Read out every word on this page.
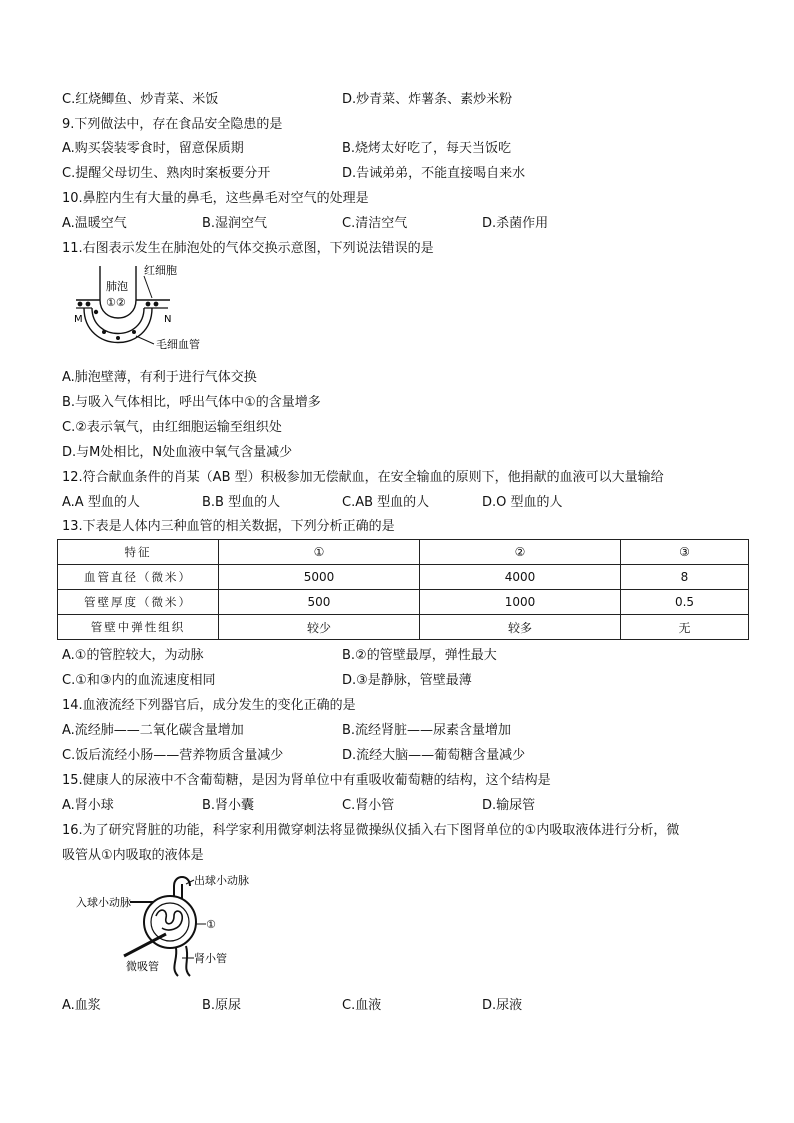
C.红烧鲫鱼、炒青菜、米饭	D.炒青菜、炸薯条、素炒米粉
9.下列做法中，存在食品安全隐患的是
A.购买袋装零食时，留意保质期	B.烧烤太好吃了，每天当饭吃
C.提醒父母切生、熟肉时案板要分开	D.告诫弟弟，不能直接喝自来水
10.鼻腔内生有大量的鼻毛，这些鼻毛对空气的处理是
A.温暖空气	B.湿润空气	C.清洁空气	D.杀菌作用
11.右图表示发生在肺泡处的气体交换示意图，下列说法错误的是
红细胞
肺泡
①②
M	N
毛细血管
A.肺泡壁薄，有利于进行气体交换
B.与吸入气体相比，呼出气体中①的含量增多
C.②表示氧气，由红细胞运输至组织处
D.与M处相比，N处血液中氧气含量减少
12.符合献血条件的肖某（AB 型）积极参加无偿献血，在安全输血的原则下，他捐献的血液可以大量输给
A.A 型血的人	B.B 型血的人	C.AB 型血的人	D.O 型血的人
13.下表是人体内三种血管的相关数据，下列分析正确的是
特征	①	②	③
血管直径（微米）	5000	4000	8
管壁厚度（微米）	500	1000	0.5
管壁中弹性组织	较少	较多	无
A.①的管腔较大，为动脉	B.②的管壁最厚，弹性最大
C.①和③内的血流速度相同	D.③是静脉，管壁最薄
14.血液流经下列器官后，成分发生的变化正确的是
A.流经肺——二氧化碳含量增加	B.流经肾脏——尿素含量增加
C.饭后流经小肠——营养物质含量减少	D.流经大脑——葡萄糖含量减少
15.健康人的尿液中不含葡萄糖，是因为肾单位中有重吸收葡萄糖的结构，这个结构是
A.肾小球	B.肾小囊	C.肾小管	D.输尿管
16.为了研究肾脏的功能，科学家利用微穿刺法将显微操纵仪插入右下图肾单位的①内吸取液体进行分析，微
吸管从①内吸取的液体是
入球小动脉
出球小动脉
①
肾小管
微吸管
A.血浆	B.原尿	C.血液	D.尿液
